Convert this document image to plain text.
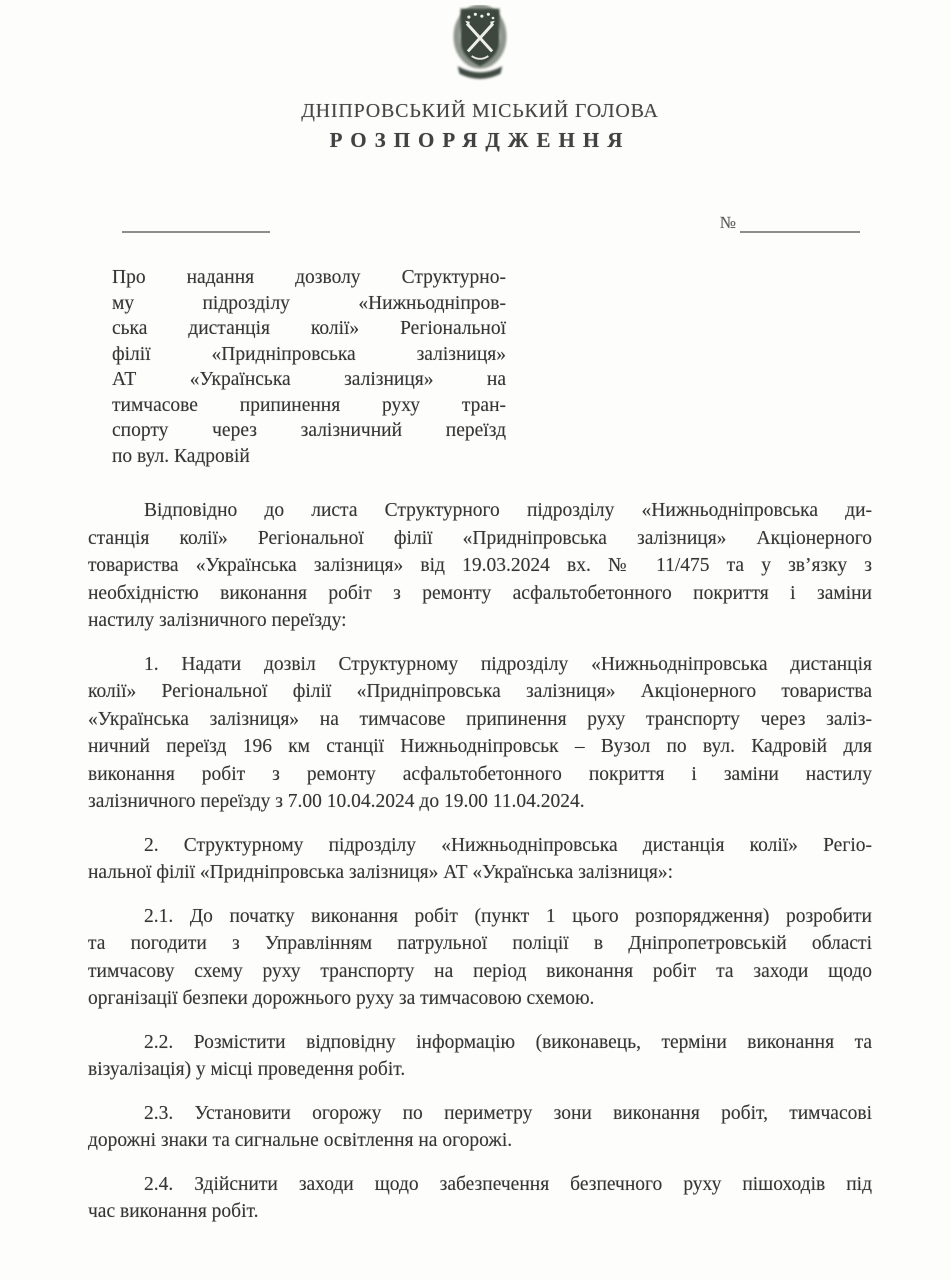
ДНІПРОВСЬКИЙ МІСЬКИЙ ГОЛОВА
РОЗПОРЯДЖЕННЯ
№
Про надання дозволу Структурно-
му підрозділу «Нижньодніпров-
ська дистанція колії» Регіональної
філії «Придніпровська залізниця»
АТ «Українська залізниця» на
тимчасове припинення руху тран-
спорту через залізничний переїзд
по вул. Кадровій
Відповідно до листа Структурного підрозділу «Нижньодніпровська ди-
станція колії» Регіональної філії «Придніпровська залізниця» Акціонерного
товариства «Українська залізниця» від 19.03.2024 вх. № 11/475 та у зв’язку з
необхідністю виконання робіт з ремонту асфальтобетонного покриття і заміни
настилу залізничного переїзду:
1. Надати дозвіл Структурному підрозділу «Нижньодніпровська дистанція
колії» Регіональної філії «Придніпровська залізниця» Акціонерного товариства
«Українська залізниця» на тимчасове припинення руху транспорту через заліз-
ничний переїзд 196 км станції Нижньодніпровськ – Вузол по вул. Кадровій для
виконання робіт з ремонту асфальтобетонного покриття і заміни настилу
залізничного переїзду з 7.00 10.04.2024 до 19.00 11.04.2024.
2. Структурному підрозділу «Нижньодніпровська дистанція колії» Регіо-
нальної філії «Придніпровська залізниця» АТ «Українська залізниця»:
2.1. До початку виконання робіт (пункт 1 цього розпорядження) розробити
та погодити з Управлінням патрульної поліції в Дніпропетровській області
тимчасову схему руху транспорту на період виконання робіт та заходи щодо
організації безпеки дорожнього руху за тимчасовою схемою.
2.2. Розмістити відповідну інформацію (виконавець, терміни виконання та
візуалізація) у місці проведення робіт.
2.3. Установити огорожу по периметру зони виконання робіт, тимчасові
дорожні знаки та сигнальне освітлення на огорожі.
2.4. Здійснити заходи щодо забезпечення безпечного руху пішоходів під
час виконання робіт.
